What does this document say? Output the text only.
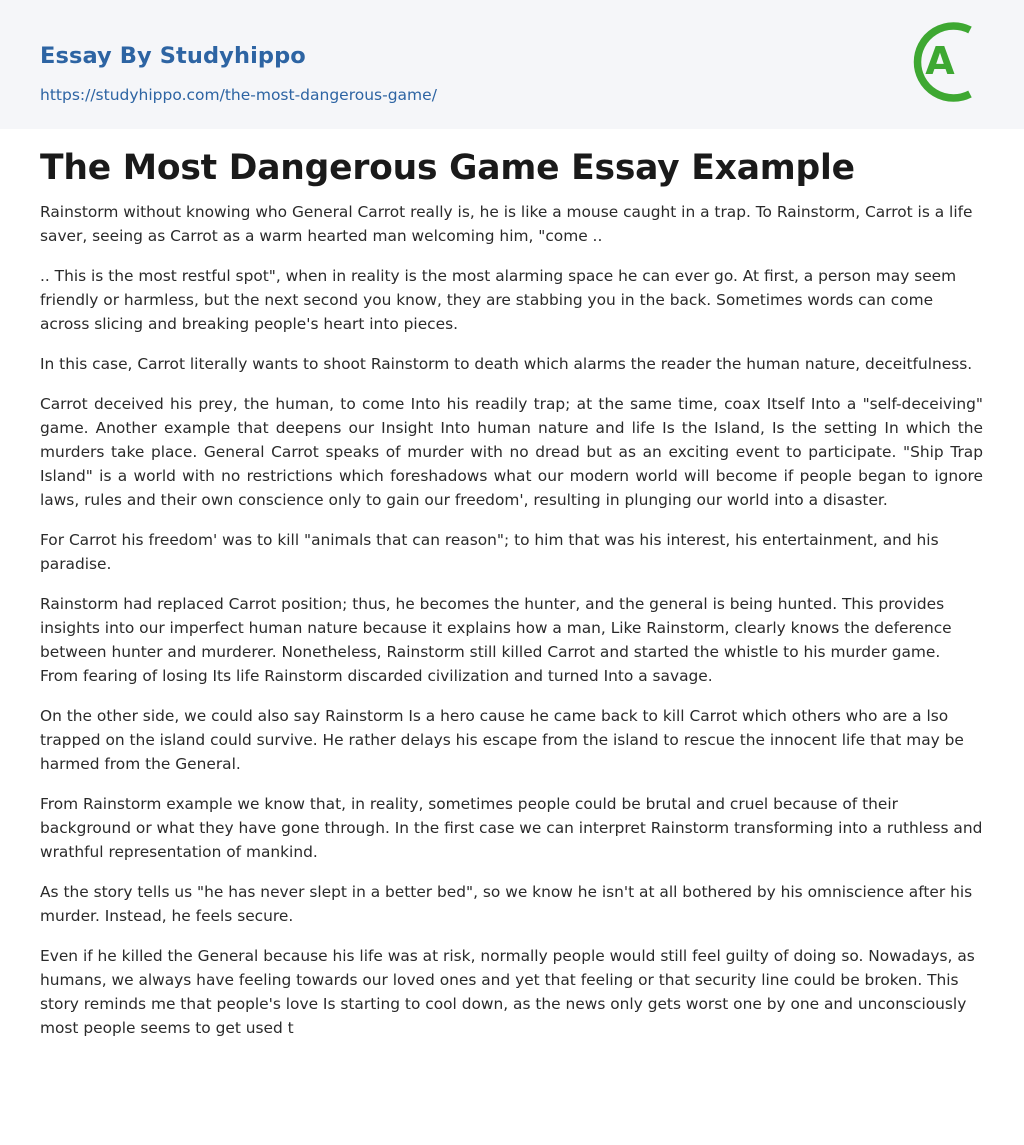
Essay By Studyhippo
https://studyhippo.com/the-most-dangerous-game/
A
The Most Dangerous Game Essay Example

Rainstorm without knowing who General Carrot really is, he is like a mouse caught in a trap. To Rainstorm, Carrot is a life saver, seeing as Carrot as a warm hearted man welcoming him, "come ..

.. This is the most restful spot", when in reality is the most alarming space he can ever go. At first, a person may seem friendly or harmless, but the next second you know, they are stabbing you in the back. Sometimes words can come across slicing and breaking people's heart into pieces.

In this case, Carrot literally wants to shoot Rainstorm to death which alarms the reader the human nature, deceitfulness.

Carrot deceived his prey, the human, to come Into his readily trap; at the same time, coax Itself Into a "self-deceiving" game. Another example that deepens our Insight Into human nature and life Is the Island, Is the setting In which the murders take place. General Carrot speaks of murder with no dread but as an exciting event to participate. "Ship Trap Island" is a world with no restrictions which foreshadows what our modern world will become if people began to ignore laws, rules and their own conscience only to gain our freedom', resulting in plunging our world into a disaster.

For Carrot his freedom' was to kill "animals that can reason"; to him that was his interest, his entertainment, and his paradise.

Rainstorm had replaced Carrot position; thus, he becomes the hunter, and the general is being hunted. This provides insights into our imperfect human nature because it explains how a man, Like Rainstorm, clearly knows the deference between hunter and murderer. Nonetheless, Rainstorm still killed Carrot and started the whistle to his murder game. From fearing of losing Its life Rainstorm discarded civilization and turned Into a savage.

On the other side, we could also say Rainstorm Is a hero cause he came back to kill Carrot which others who are a lso trapped on the island could survive. He rather delays his escape from the island to rescue the innocent life that may be harmed from the General.

From Rainstorm example we know that, in reality, sometimes people could be brutal and cruel because of their background or what they have gone through. In the first case we can interpret Rainstorm transforming into a ruthless and wrathful representation of mankind.

As the story tells us "he has never slept in a better bed", so we know he isn't at all bothered by his omniscience after his murder. Instead, he feels secure.

Even if he killed the General because his life was at risk, normally people would still feel guilty of doing so. Nowadays, as humans, we always have feeling towards our loved ones and yet that feeling or that security line could be broken. This story reminds me that people's love Is starting to cool down, as the news only gets worst one by one and unconsciously most people seems to get used t
